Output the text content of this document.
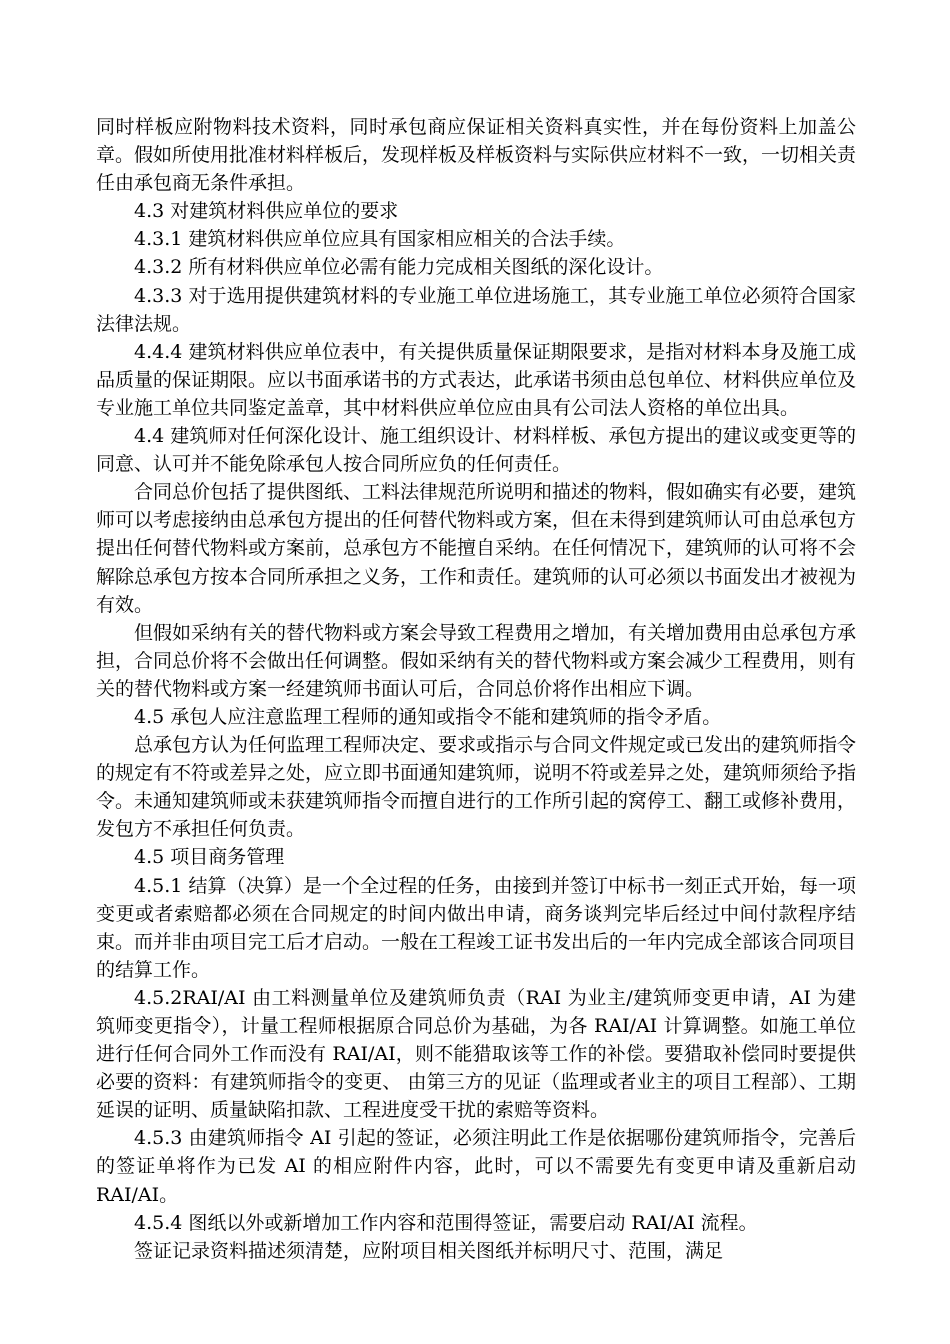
同时样板应附物料技术资料，同时承包商应保证相关资料真实性，并在每份资料上加盖公章。假如所使用批准材料样板后，发现样板及样板资料与实际供应材料不一致，一切相关责任由承包商无条件承担。

4.3 对建筑材料供应单位的要求

4.3.1 建筑材料供应单位应具有国家相应相关的合法手续。

4.3.2 所有材料供应单位必需有能力完成相关图纸的深化设计。

4.3.3 对于选用提供建筑材料的专业施工单位进场施工，其专业施工单位必须符合国家法律法规。

4.4.4 建筑材料供应单位表中，有关提供质量保证期限要求，是指对材料本身及施工成品质量的保证期限。应以书面承诺书的方式表达，此承诺书须由总包单位、材料供应单位及专业施工单位共同鉴定盖章，其中材料供应单位应由具有公司法人资格的单位出具。

4.4 建筑师对任何深化设计、施工组织设计、材料样板、承包方提出的建议或变更等的同意、认可并不能免除承包人按合同所应负的任何责任。

合同总价包括了提供图纸、工料法律规范所说明和描述的物料，假如确实有必要，建筑师可以考虑接纳由总承包方提出的任何替代物料或方案，但在未得到建筑师认可由总承包方提出任何替代物料或方案前，总承包方不能擅自采纳。在任何情况下，建筑师的认可将不会解除总承包方按本合同所承担之义务，工作和责任。建筑师的认可必须以书面发出才被视为有效。

但假如采纳有关的替代物料或方案会导致工程费用之增加，有关增加费用由总承包方承担，合同总价将不会做出任何调整。假如采纳有关的替代物料或方案会减少工程费用，则有关的替代物料或方案一经建筑师书面认可后，合同总价将作出相应下调。

4.5 承包人应注意监理工程师的通知或指令不能和建筑师的指令矛盾。

总承包方认为任何监理工程师决定、要求或指示与合同文件规定或已发出的建筑师指令的规定有不符或差异之处，应立即书面通知建筑师，说明不符或差异之处，建筑师须给予指令。未通知建筑师或未获建筑师指令而擅自进行的工作所引起的窝停工、翻工或修补费用，发包方不承担任何负责。

4.5 项目商务管理

4.5.1 结算（决算）是一个全过程的任务，由接到并签订中标书一刻正式开始，每一项变更或者索赔都必须在合同规定的时间内做出申请，商务谈判完毕后经过中间付款程序结束。而并非由项目完工后才启动。一般在工程竣工证书发出后的一年内完成全部该合同项目的结算工作。

4.5.2RAI/AI 由工料测量单位及建筑师负责（RAI 为业主/建筑师变更申请，AI 为建筑师变更指令），计量工程师根据原合同总价为基础，为各 RAI/AI 计算调整。如施工单位进行任何合同外工作而没有 RAI/AI，则不能猎取该等工作的补偿。要猎取补偿同时要提供必要的资料：有建筑师指令的变更、 由第三方的见证（监理或者业主的项目工程部）、工期延误的证明、质量缺陷扣款、工程进度受干扰的索赔等资料。

4.5.3 由建筑师指令 AI 引起的签证，必须注明此工作是依据哪份建筑师指令，完善后的签证单将作为已发 AI 的相应附件内容，此时，可以不需要先有变更申请及重新启动 RAI/AI。

4.5.4 图纸以外或新增加工作内容和范围得签证，需要启动 RAI/AI 流程。

签证记录资料描述须清楚，应附项目相关图纸并标明尺寸、范围，满足
